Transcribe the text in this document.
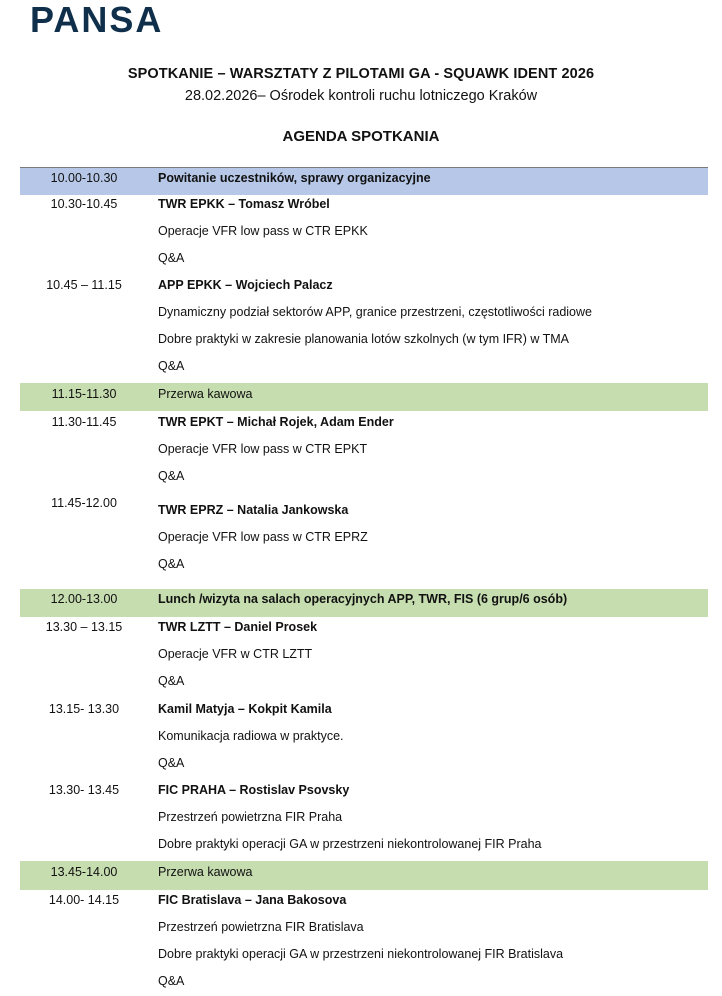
PANSA
SPOTKANIE – WARSZTATY Z PILOTAMI GA - SQUAWK IDENT 2026
28.02.2026– Ośrodek kontroli ruchu lotniczego Kraków
AGENDA SPOTKANIA
10.00-10.30	Powitanie uczestników, sprawy organizacyjne
10.30-10.45	TWR EPKK – Tomasz Wróbel
Operacje VFR low pass w CTR EPKK
Q&A
10.45 – 11.15	APP EPKK – Wojciech Palacz
Dynamiczny podział sektorów APP, granice przestrzeni, częstotliwości radiowe
Dobre praktyki w zakresie planowania lotów szkolnych (w tym IFR) w TMA
Q&A
11.15-11.30	Przerwa kawowa
11.30-11.45	TWR EPKT – Michał Rojek, Adam Ender
Operacje VFR low pass w CTR EPKT
Q&A
11.45-12.00	TWR EPRZ – Natalia Jankowska
Operacje VFR low pass w CTR EPRZ
Q&A
12.00-13.00	Lunch /wizyta na salach operacyjnych APP, TWR, FIS (6 grup/6 osób)
13.30 – 13.15	TWR LZTT – Daniel Prosek
Operacje VFR w CTR LZTT
Q&A
13.15- 13.30	Kamil Matyja – Kokpit Kamila
Komunikacja radiowa w praktyce.
Q&A
13.30- 13.45	FIC PRAHA – Rostislav Psovsky
Przestrzeń powietrzna FIR Praha
Dobre praktyki operacji GA w przestrzeni niekontrolowanej FIR Praha
13.45-14.00	Przerwa kawowa
14.00- 14.15	FIC Bratislava – Jana Bakosova
Przestrzeń powietrzna FIR Bratislava
Dobre praktyki operacji GA w przestrzeni niekontrolowanej FIR Bratislava
Q&A
